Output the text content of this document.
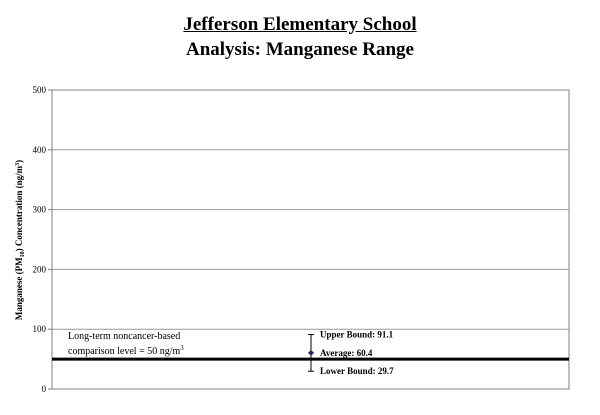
Jefferson Elementary School
Analysis: Manganese Range
0
100
200
300
400
500
Long-term noncancer-based
comparison level = 50 $ng/m^3$
Upper Bound: 91.1
Average: 60.4
Lower Bound: 29.7
Manganese $(PM_{10})$ Concentration $(ng/m^3)$
